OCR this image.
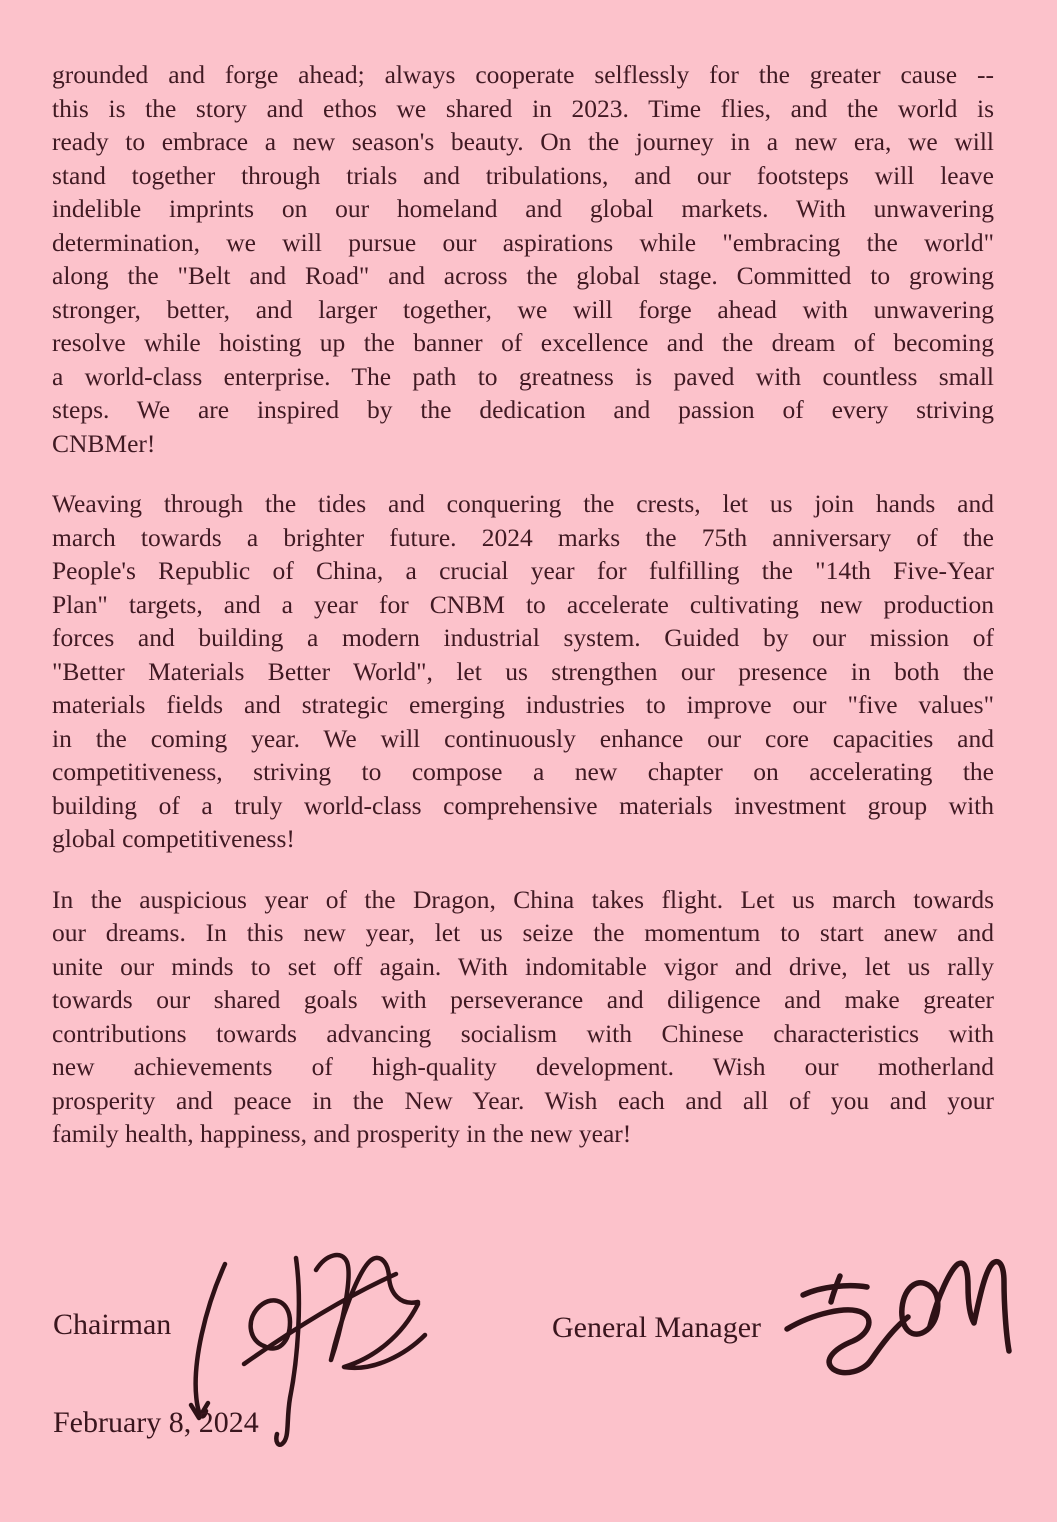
grounded and forge ahead; always cooperate selflessly for the greater cause --
this is the story and ethos we shared in 2023. Time flies, and the world is
ready to embrace a new season's beauty. On the journey in a new era, we will
stand together through trials and tribulations, and our footsteps will leave
indelible imprints on our homeland and global markets. With unwavering
determination, we will pursue our aspirations while "embracing the world"
along the "Belt and Road" and across the global stage. Committed to growing
stronger, better, and larger together, we will forge ahead with unwavering
resolve while hoisting up the banner of excellence and the dream of becoming
a world-class enterprise. The path to greatness is paved with countless small
steps. We are inspired by the dedication and passion of every striving
CNBMer!
Weaving through the tides and conquering the crests, let us join hands and
march towards a brighter future. 2024 marks the 75th anniversary of the
People's Republic of China, a crucial year for fulfilling the "14th Five-Year
Plan" targets, and a year for CNBM to accelerate cultivating new production
forces and building a modern industrial system. Guided by our mission of
"Better Materials Better World", let us strengthen our presence in both the
materials fields and strategic emerging industries to improve our "five values"
in the coming year. We will continuously enhance our core capacities and
competitiveness, striving to compose a new chapter on accelerating the
building of a truly world-class comprehensive materials investment group with
global competitiveness!
In the auspicious year of the Dragon, China takes flight. Let us march towards
our dreams. In this new year, let us seize the momentum to start anew and
unite our minds to set off again. With indomitable vigor and drive, let us rally
towards our shared goals with perseverance and diligence and make greater
contributions towards advancing socialism with Chinese characteristics with
new achievements of high-quality development. Wish our motherland
prosperity and peace in the New Year. Wish each and all of you and your
family health, happiness, and prosperity in the new year!
Chairman	General Manager
February 8, 2024
